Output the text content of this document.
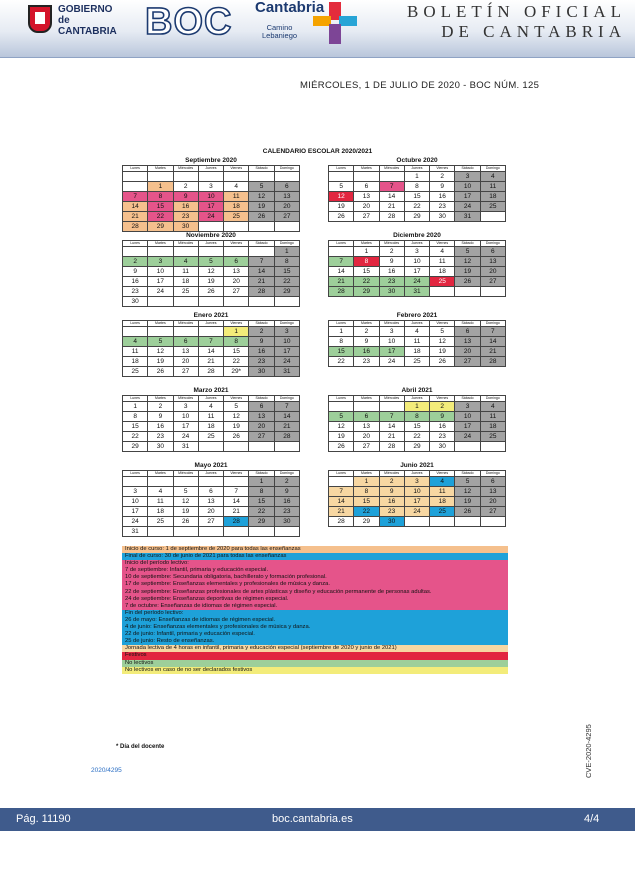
GOBIERNO
de
CANTABRIA BOC Cantabria
Camino
Lebaniego
BOLETÍN OFICIAL
DE CANTABRIA
MIÉRCOLES, 1 DE JULIO DE 2020 - BOC NÚM. 125
CALENDARIO ESCOLAR 2020/2021
Septiembre 2020
Lunes	Martes	Miércoles	Jueves	Viernes	Sábado	Domingo

	1	2	3	4	5	6
7	8	9	10	11	12	13
14	15	16	17	18	19	20
21	22	23	24	25	26	27
28	29	30				
Octubre 2020
Lunes	Martes	Miércoles	Jueves	Viernes	Sábado	Domingo
			1	2	3	4
5	6	7	8	9	10	11
12	13	14	15	16	17	18
19	20	21	22	23	24	25
26	27	28	29	30	31	
Noviembre 2020
Lunes	Martes	Miércoles	Jueves	Viernes	Sábado	Domingo
						1
2	3	4	5	6	7	8
9	10	11	12	13	14	15
16	17	18	19	20	21	22
23	24	25	26	27	28	29
30						
Diciembre 2020
Lunes	Martes	Miércoles	Jueves	Viernes	Sábado	Domingo
	1	2	3	4	5	6
7	8	9	10	11	12	13
14	15	16	17	18	19	20
21	22	23	24	25	26	27
28	29	30	31			
Enero 2021
Lunes	Martes	Miércoles	Jueves	Viernes	Sábado	Domingo
				1	2	3
4	5	6	7	8	9	10
11	12	13	14	15	16	17
18	19	20	21	22	23	24
25	26	27	28	29*	30	31
Febrero 2021
Lunes	Martes	Miércoles	Jueves	Viernes	Sábado	Domingo
1	2	3	4	5	6	7
8	9	10	11	12	13	14
15	16	17	18	19	20	21
22	23	24	25	26	27	28
Marzo 2021
Lunes	Martes	Miércoles	Jueves	Viernes	Sábado	Domingo
1	2	3	4	5	6	7
8	9	10	11	12	13	14
15	16	17	18	19	20	21
22	23	24	25	26	27	28
29	30	31				
Abril 2021
Lunes	Martes	Miércoles	Jueves	Viernes	Sábado	Domingo
			1	2	3	4
5	6	7	8	9	10	11
12	13	14	15	16	17	18
19	20	21	22	23	24	25
26	27	28	29	30		
Mayo 2021
Lunes	Martes	Miércoles	Jueves	Viernes	Sábado	Domingo
					1	2
3	4	5	6	7	8	9
10	11	12	13	14	15	16
17	18	19	20	21	22	23
24	25	26	27	28	29	30
31						
Junio 2021
Lunes	Martes	Miércoles	Jueves	Viernes	Sábado	Domingo
	1	2	3	4	5	6
7	8	9	10	11	12	13
14	15	16	17	18	19	20
21	22	23	24	25	26	27
28	29	30				
Inicio de curso: 1 de septiembre de 2020 para todas las enseñanzas
Final de curso: 30 de junio de 2021 para todas las enseñanzas
Inicio del período lectivo:
7 de septiembre: Infantil, primaria y educación especial.
10 de septiembre: Secundaria obligatoria, bachillerato y formación profesional.
17 de septiembre: Enseñanzas elementales y profesionales de música y danza.
22 de septiembre: Enseñanzas profesionales de artes plásticas y diseño y educación permanente de personas adultas.
24 de septiembre: Enseñanzas deportivas de régimen especial.
7 de octubre: Enseñanzas de idiomas de régimen especial.
Fin del período lectivo:
26 de mayo: Enseñanzas de idiomas de régimen especial.
4 de junio: Enseñanzas elementales y profesionales de música y danza.
22 de junio: Infantil, primaria y educación especial.
25 de junio: Resto de enseñanzas.
Jornada lectiva de 4 horas en infantil, primaria y educación especial (septiembre de 2020 y junio de 2021)
Festivos
No lectivos
No lectivos en caso de no ser declarados festivos
* Día del docente
2020/4295	CVE-2020-4295
Pág. 11190	boc.cantabria.es	4/4
